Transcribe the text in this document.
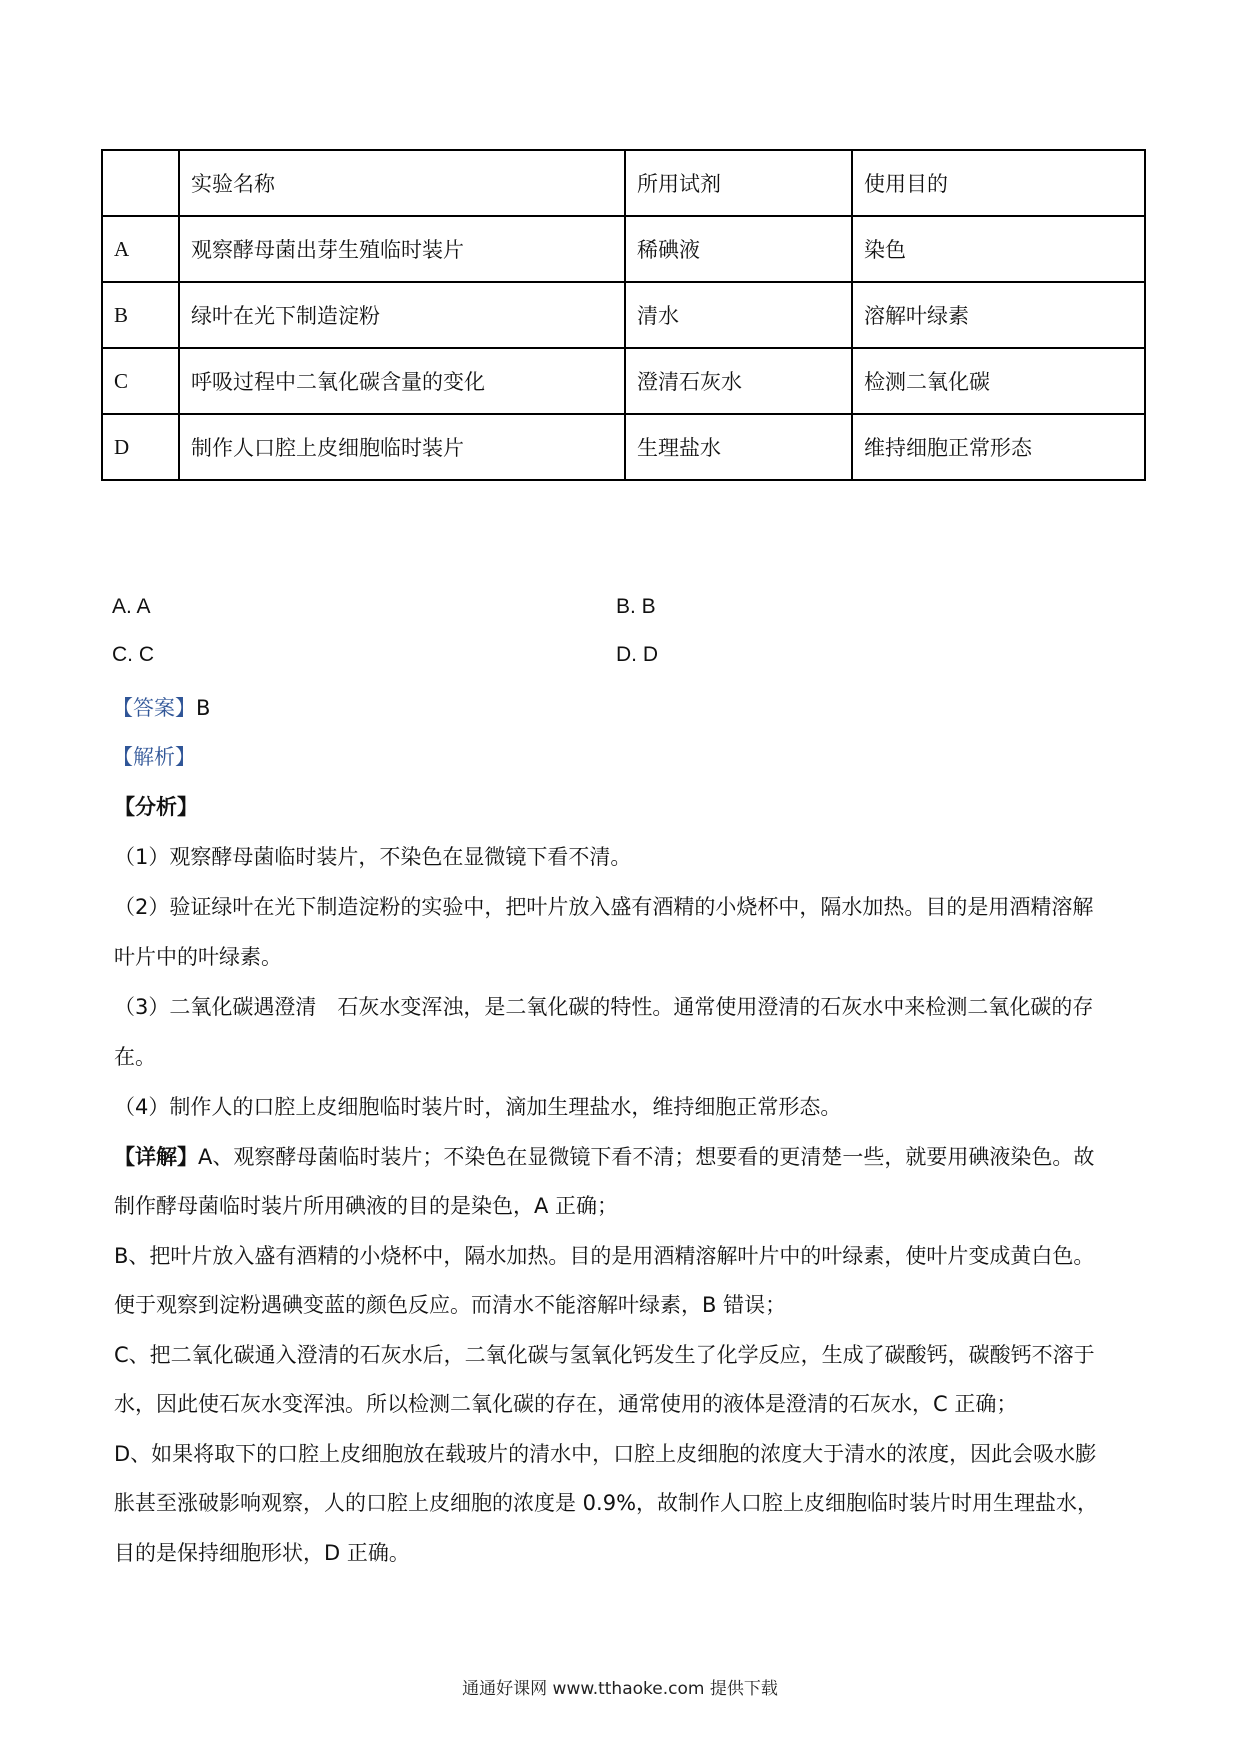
	实验名称	所用试剂	使用目的
A	观察酵母菌出芽生殖临时装片	稀碘液	染色
B	绿叶在光下制造淀粉	清水	溶解叶绿素
C	呼吸过程中二氧化碳含量的变化	澄清石灰水	检测二氧化碳
D	制作人口腔上皮细胞临时装片	生理盐水	维持细胞正常形态
A. A	B. B
C. C	D. D
【答案】B
【解析】
【分析】
（1）观察酵母菌临时装片，不染色在显微镜下看不清。
（2）验证绿叶在光下制造淀粉的实验中，把叶片放入盛有酒精的小烧杯中，隔水加热。目的是用酒精溶解
叶片中的叶绿素。
（3）二氧化碳遇澄清　石灰水变浑浊，是二氧化碳的特性。通常使用澄清的石灰水中来检测二氧化碳的存
在。
（4）制作人的口腔上皮细胞临时装片时，滴加生理盐水，维持细胞正常形态。
【详解】A、观察酵母菌临时装片；不染色在显微镜下看不清；想要看的更清楚一些，就要用碘液染色。故
制作酵母菌临时装片所用碘液的目的是染色，A 正确；
B、把叶片放入盛有酒精的小烧杯中，隔水加热。目的是用酒精溶解叶片中的叶绿素，使叶片变成黄白色。
便于观察到淀粉遇碘变蓝的颜色反应。而清水不能溶解叶绿素，B 错误；
C、把二氧化碳通入澄清的石灰水后，二氧化碳与氢氧化钙发生了化学反应，生成了碳酸钙，碳酸钙不溶于
水，因此使石灰水变浑浊。所以检测二氧化碳的存在，通常使用的液体是澄清的石灰水，C 正确；
D、如果将取下的口腔上皮细胞放在载玻片的清水中，口腔上皮细胞的浓度大于清水的浓度，因此会吸水膨
胀甚至涨破影响观察，人的口腔上皮细胞的浓度是 0.9%，故制作人口腔上皮细胞临时装片时用生理盐水，
目的是保持细胞形状，D 正确。
通通好课网 www.tthaoke.com 提供下载
